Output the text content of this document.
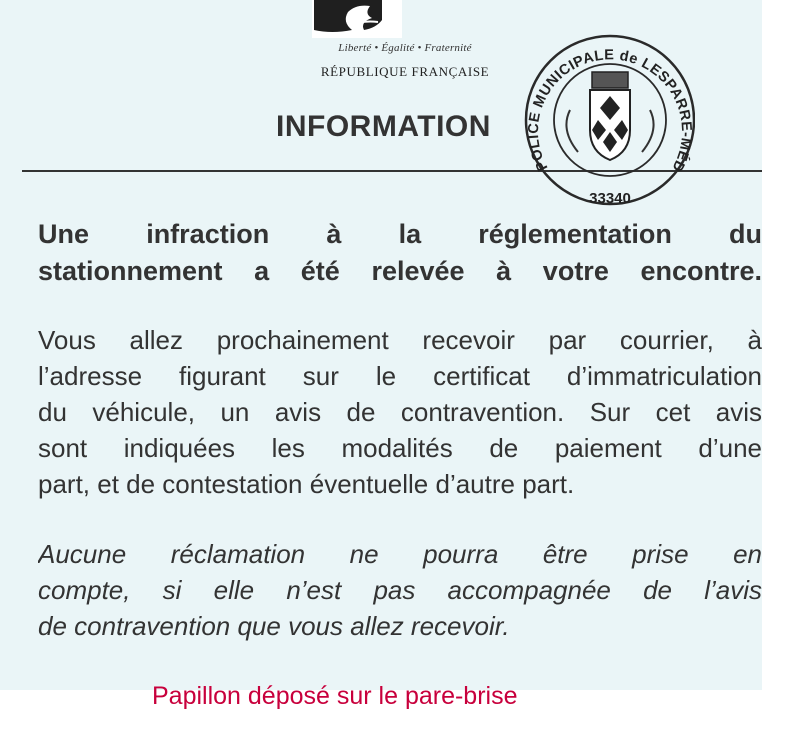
Liberté • Égalité • Fraternité
RÉPUBLIQUE FRANÇAISE
INFORMATION
POLICE MUNICIPALE de LESPARRE-MÉD
33340
Une infraction à la réglementation du
stationnement a été relevée à votre encontre.
Vous allez prochainement recevoir par courrier, à
l’adresse figurant sur le certificat d’immatriculation
du véhicule, un avis de contravention. Sur cet avis
sont indiquées les modalités de paiement d’une
part, et de contestation éventuelle d’autre part.
Aucune réclamation ne pourra être prise en
compte, si elle n’est pas accompagnée de l’avis
de contravention que vous allez recevoir.
Papillon déposé sur le pare-brise
